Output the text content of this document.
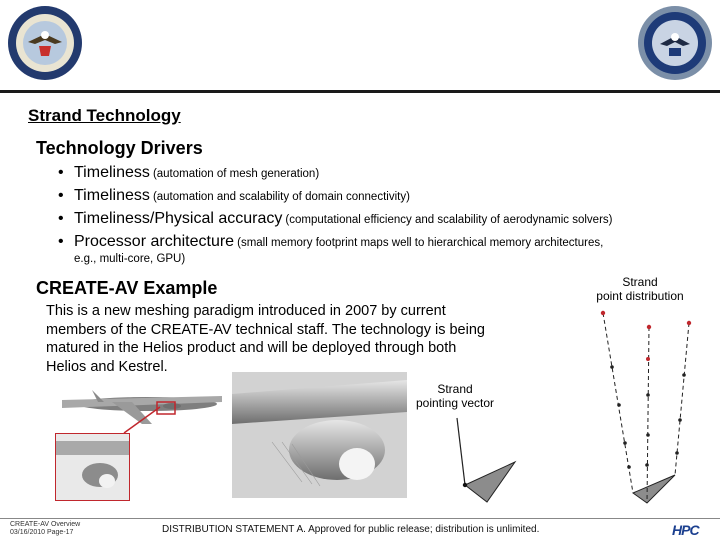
Strand Technology
Technology Drivers
• Timeliness (automation of mesh generation)
• Timeliness (automation and scalability of domain connectivity)
• Timeliness/Physical accuracy (computational efficiency and scalability of aerodynamic solvers)
• Processor architecture (small memory footprint maps well to hierarchical memory architectures,
e.g., multi-core, GPU)
CREATE-AV Example
This is a new meshing paradigm introduced in 2007 by current
members of the CREATE-AV technical staff. The technology is being
matured in the Helios product and will be deployed through both
Helios and Kestrel.
Strand
point distribution
Strand
pointing vector
CREATE-AV Overview
03/16/2010 Page-17	DISTRIBUTION STATEMENT A. Approved for public release; distribution is unlimited.	HPC
